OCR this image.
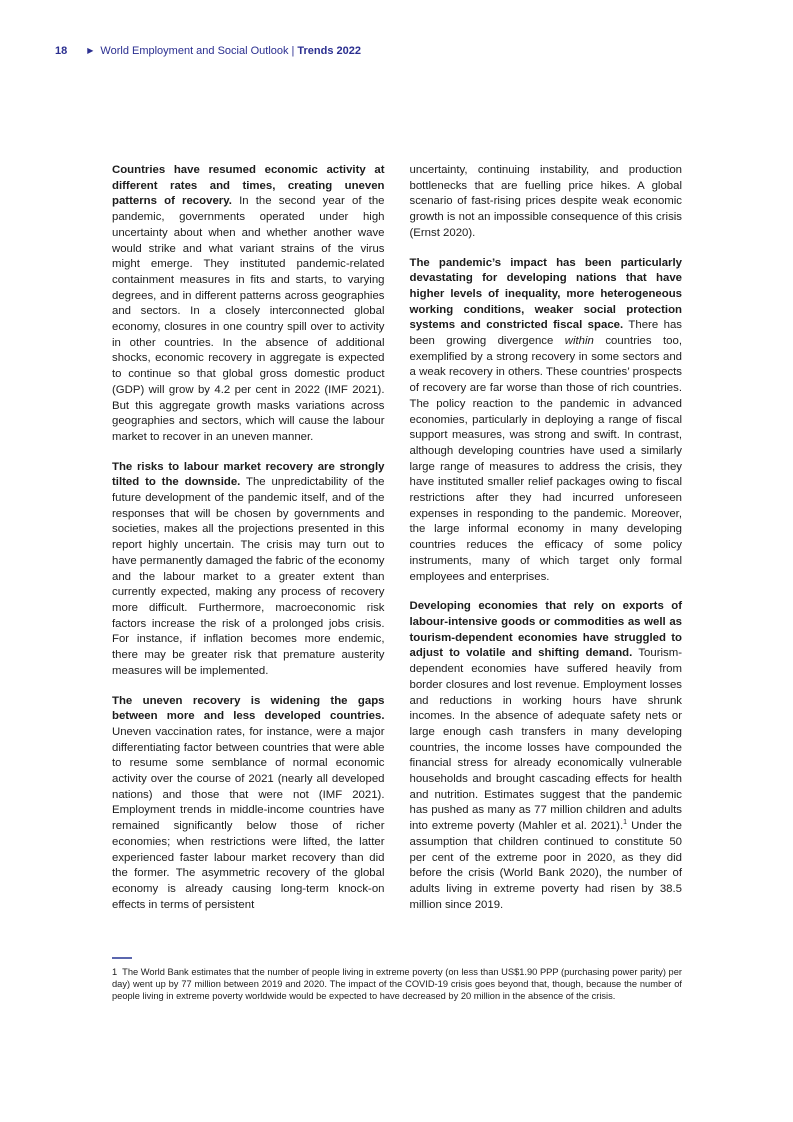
18	▶ World Employment and Social Outlook | Trends 2022

Countries have resumed economic activity at different rates and times, creating uneven patterns of recovery. In the second year of the pandemic, governments operated under high uncertainty about when and whether another wave would strike and what variant strains of the virus might emerge. They instituted pandemic-related containment measures in fits and starts, to varying degrees, and in different patterns across geographies and sectors. In a closely interconnected global economy, closures in one country spill over to activity in other countries. In the absence of additional shocks, economic recovery in aggregate is expected to continue so that global gross domestic product (GDP) will grow by 4.2 per cent in 2022 (IMF 2021). But this aggregate growth masks variations across geographies and sectors, which will cause the labour market to recover in an uneven manner.

The risks to labour market recovery are strongly tilted to the downside. The unpredictability of the future development of the pandemic itself, and of the responses that will be chosen by governments and societies, makes all the projections presented in this report highly uncertain. The crisis may turn out to have permanently damaged the fabric of the economy and the labour market to a greater extent than currently expected, making any process of recovery more difficult. Furthermore, macroeconomic risk factors increase the risk of a prolonged jobs crisis. For instance, if inflation becomes more endemic, there may be greater risk that premature austerity measures will be implemented.

The uneven recovery is widening the gaps between more and less developed countries. Uneven vaccination rates, for instance, were a major differentiating factor between countries that were able to resume some semblance of normal economic activity over the course of 2021 (nearly all developed nations) and those that were not (IMF 2021). Employment trends in middle-income countries have remained significantly below those of richer economies; when restrictions were lifted, the latter experienced faster labour market recovery than did the former. The asymmetric recovery of the global economy is already causing long-term knock-on effects in terms of persistent

uncertainty, continuing instability, and production bottlenecks that are fuelling price hikes. A global scenario of fast-rising prices despite weak economic growth is not an impossible consequence of this crisis (Ernst 2020).

The pandemic’s impact has been particularly devastating for developing nations that have higher levels of inequality, more heterogeneous working conditions, weaker social protection systems and constricted fiscal space. There has been growing divergence within countries too, exemplified by a strong recovery in some sectors and a weak recovery in others. These countries’ prospects of recovery are far worse than those of rich countries. The policy reaction to the pandemic in advanced economies, particularly in deploying a range of fiscal support measures, was strong and swift. In contrast, although developing countries have used a similarly large range of measures to address the crisis, they have instituted smaller relief packages owing to fiscal restrictions after they had incurred unforeseen expenses in responding to the pandemic. Moreover, the large informal economy in many developing countries reduces the efficacy of some policy instruments, many of which target only formal employees and enterprises.

Developing economies that rely on exports of labour-intensive goods or commodities as well as tourism-dependent economies have struggled to adjust to volatile and shifting demand. Tourism-dependent economies have suffered heavily from border closures and lost revenue. Employment losses and reductions in working hours have shrunk incomes. In the absence of adequate safety nets or large enough cash transfers in many developing countries, the income losses have compounded the financial stress for already economically vulnerable households and brought cascading effects for health and nutrition. Estimates suggest that the pandemic has pushed as many as 77 million children and adults into extreme poverty (Mahler et al. 2021).$^1$ Under the assumption that children continued to constitute 50 per cent of the extreme poor in 2020, as they did before the crisis (World Bank 2020), the number of adults living in extreme poverty had risen by 38.5 million since 2019.

1 The World Bank estimates that the number of people living in extreme poverty (on less than US$1.90 PPP (purchasing power parity) per day) went up by 77 million between 2019 and 2020. The impact of the COVID-19 crisis goes beyond that, though, because the number of people living in extreme poverty worldwide would be expected to have decreased by 20 million in the absence of the crisis.
